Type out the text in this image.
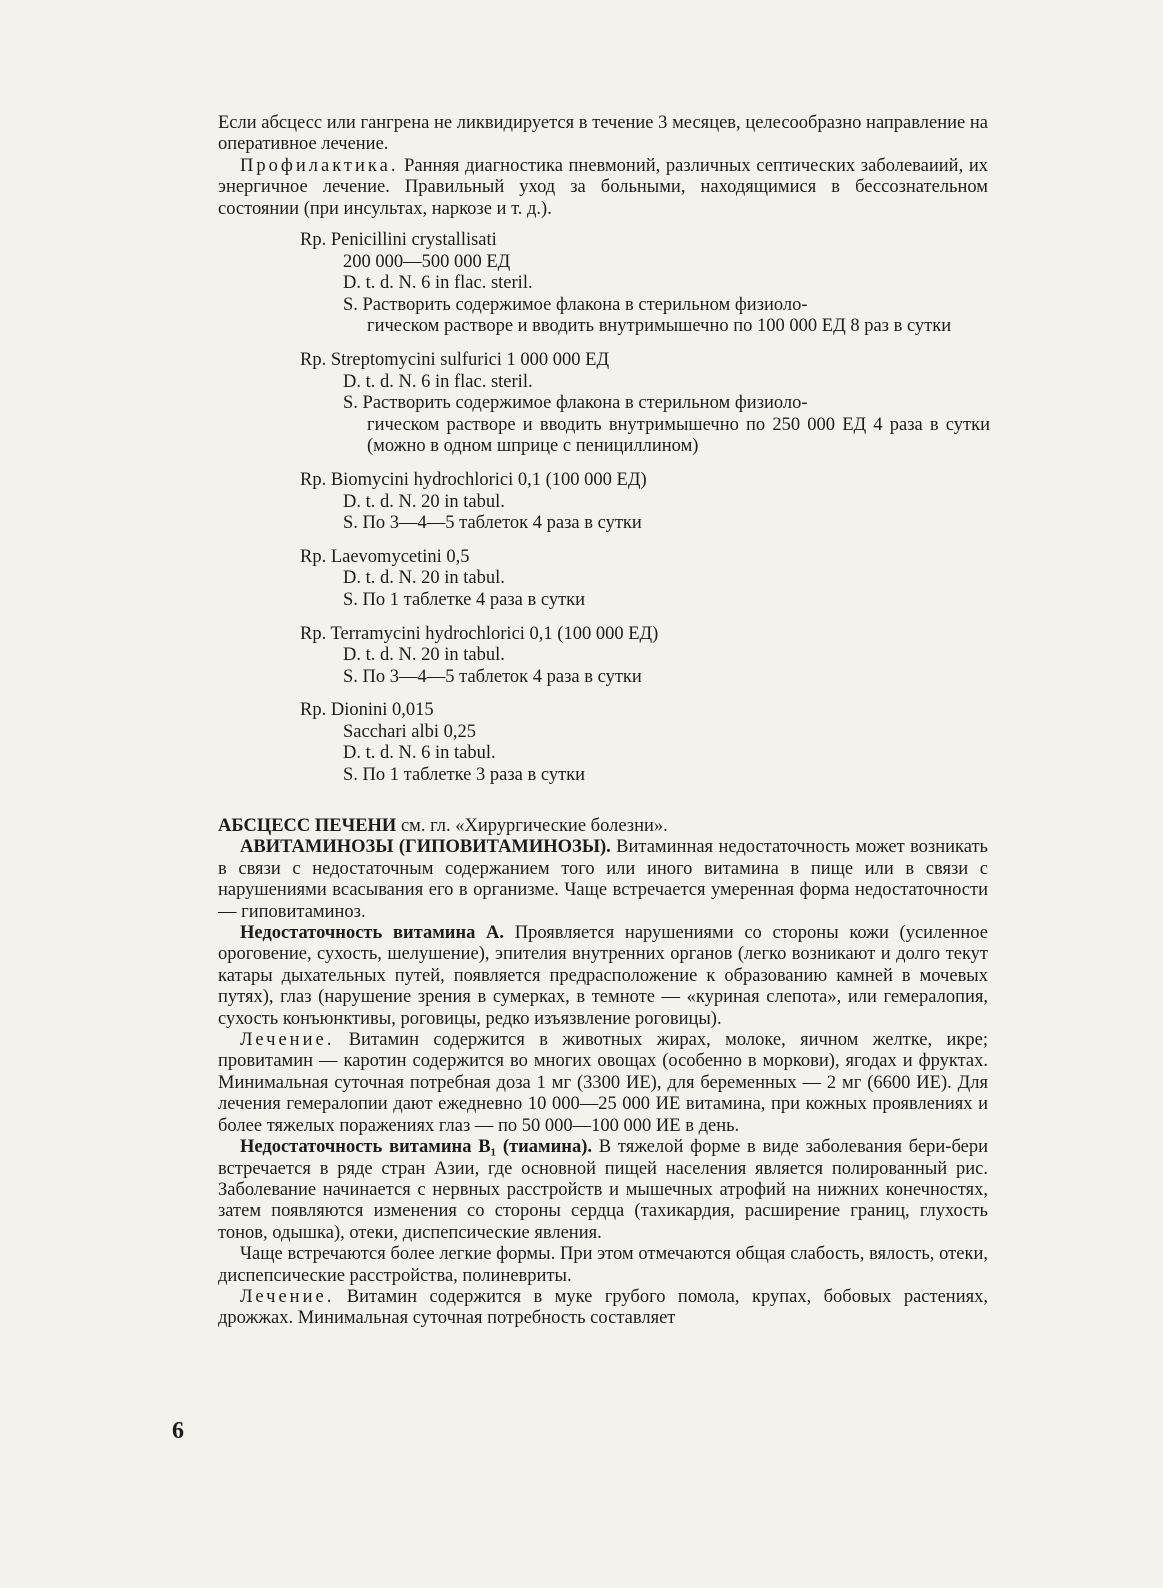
Если абсцесс или гангрена не ликвидируется в течение 3 месяцев, целесообразно направление на оперативное лечение.

Профилактика. Ранняя диагностика пневмоний, различных септических заболеваиий, их энергичное лечение. Правильный уход за больными, находящимися в бессознательном состоянии (при инсультах, наркозе и т. д.).

Rp. Penicillini crystallisati
200 000—500 000 ЕД
D. t. d. N. 6 in flac. steril.
S. Растворить содержимое флакона в стерильном физиоло-
гическом растворе и вводить внутримышечно по 100 000 ЕД 8 раз в сутки
Rp. Streptomycini sulfurici 1 000 000 ЕД
D. t. d. N. 6 in flac. steril.
S. Растворить содержимое флакона в стерильном физиоло-
гическом растворе и вводить внутримышечно по 250 000 ЕД 4 раза в сутки (можно в одном шприце с пенициллином)
Rp. Biomycini hydrochlorici 0,1 (100 000 ЕД)
D. t. d. N. 20 in tabul.
S. По 3—4—5 таблеток 4 раза в сутки
Rp. Laevomycetini 0,5
D. t. d. N. 20 in tabul.
S. По 1 таблетке 4 раза в сутки
Rp. Terramycini hydrochlorici 0,1 (100 000 ЕД)
D. t. d. N. 20 in tabul.
S. По 3—4—5 таблеток 4 раза в сутки
Rp. Dionini 0,015
Sacchari albi 0,25
D. t. d. N. 6 in tabul.
S. По 1 таблетке 3 раза в сутки

АБСЦЕСС ПЕЧЕНИ см. гл. «Хирургические болезни».

АВИТАМИНОЗЫ (ГИПОВИТАМИНОЗЫ). Витаминная недостаточность может возникать в связи с недостаточным содержанием того или иного витамина в пище или в связи с нарушениями всасывания его в организме. Чаще встречается умеренная форма недостаточности — гиповитаминоз.

Недостаточность витамина А. Проявляется нарушениями со стороны кожи (усиленное ороговение, сухость, шелушение), эпителия внутренних органов (легко возникают и долго текут катары дыхательных путей, появляется предрасположение к образованию камней в мочевых путях), глаз (нарушение зрения в сумерках, в темноте — «куриная слепота», или гемералопия, сухость конъюнктивы, роговицы, редко изъязвление роговицы).

Лечение. Витамин содержится в животных жирах, молоке, яичном желтке, икре; провитамин — каротин содержится во многих овощах (особенно в моркови), ягодах и фруктах. Минимальная суточная потребная доза 1 мг (3300 ИЕ), для беременных — 2 мг (6600 ИЕ). Для лечения гемералопии дают ежедневно 10 000—25 000 ИЕ витамина, при кожных проявлениях и более тяжелых поражениях глаз — по 50 000—100 000 ИЕ в день.

Недостаточность витамина В₁ (тиамина). В тяжелой форме в виде заболевания бери-бери встречается в ряде стран Азии, где основной пищей населения является полированный рис. Заболевание начинается с нервных расстройств и мышечных атрофий на нижних конечностях, затем появляются изменения со стороны сердца (тахикардия, расширение границ, глухость тонов, одышка), отеки, диспепсические явления.

Чаще встречаются более легкие формы. При этом отмечаются общая слабость, вялость, отеки, диспепсические расстройства, полиневриты.

Лечение. Витамин содержится в муке грубого помола, крупах, бобовых растениях, дрожжах. Минимальная суточная потребность составляет

6
